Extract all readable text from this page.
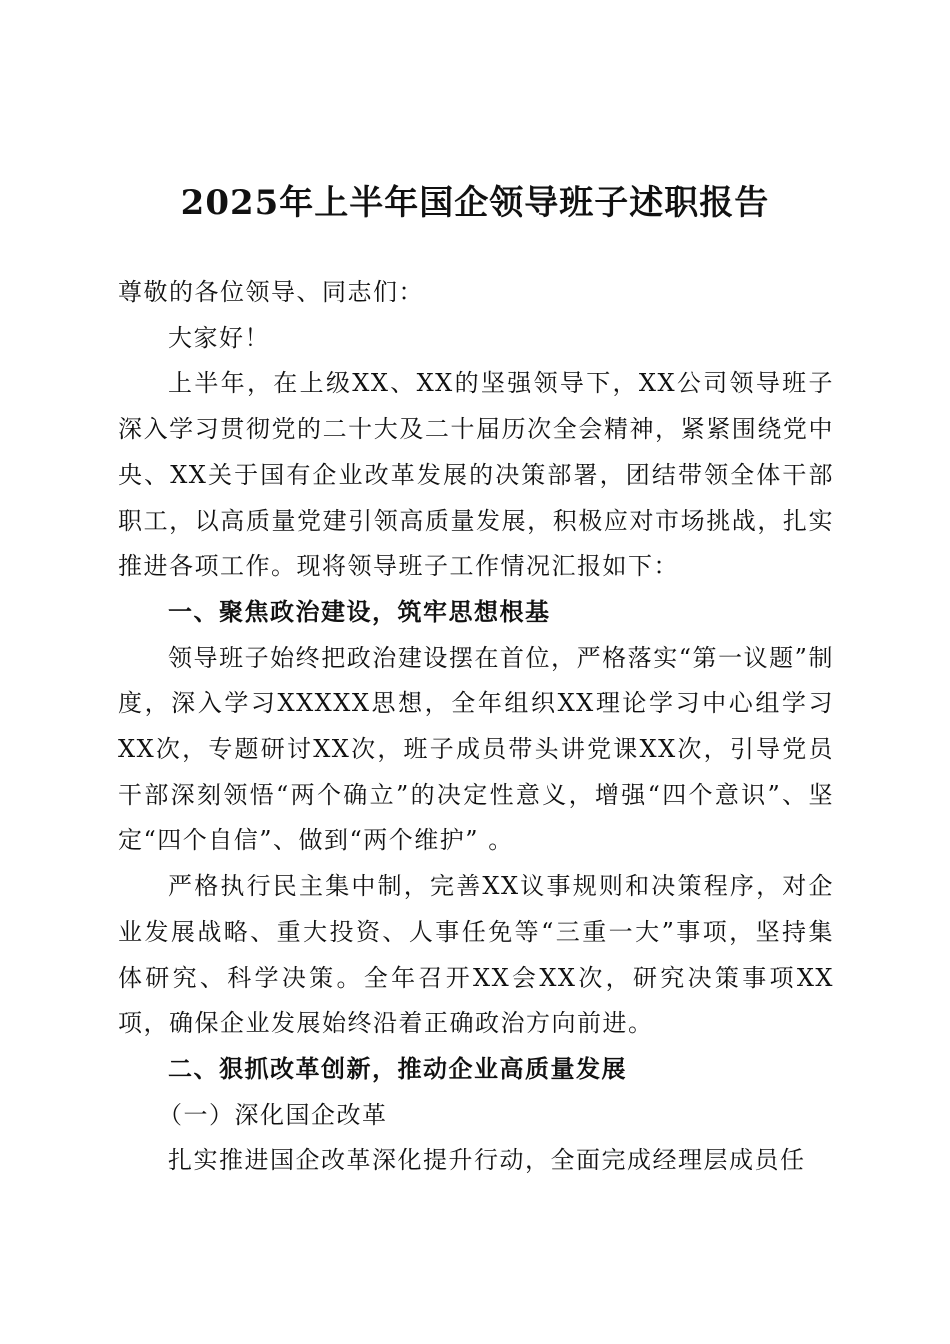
2025年上半年国企领导班子述职报告

尊敬的各位领导、同志们：

大家好！

上半年，在上级XX、XX的坚强领导下，XX公司领导班子深入学习贯彻党的二十大及二十届历次全会精神，紧紧围绕党中央、XX关于国有企业改革发展的决策部署，团结带领全体干部职工，以高质量党建引领高质量发展，积极应对市场挑战，扎实推进各项工作。现将领导班子工作情况汇报如下：

一、聚焦政治建设，筑牢思想根基

领导班子始终把政治建设摆在首位，严格落实“第一议题”制度，深入学习XXXXX思想，全年组织XX理论学习中心组学习XX次，专题研讨XX次，班子成员带头讲党课XX次，引导党员干部深刻领悟“两个确立”的决定性意义，增强“四个意识”、坚定“四个自信”、做到“两个维护” 。

严格执行民主集中制，完善XX议事规则和决策程序，对企业发展战略、重大投资、人事任免等“三重一大”事项，坚持集体研究、科学决策。全年召开XX会XX次，研究决策事项XX项，确保企业发展始终沿着正确政治方向前进。

二、狠抓改革创新，推动企业高质量发展

（一）深化国企改革

扎实推进国企改革深化提升行动，全面完成经理层成员任
